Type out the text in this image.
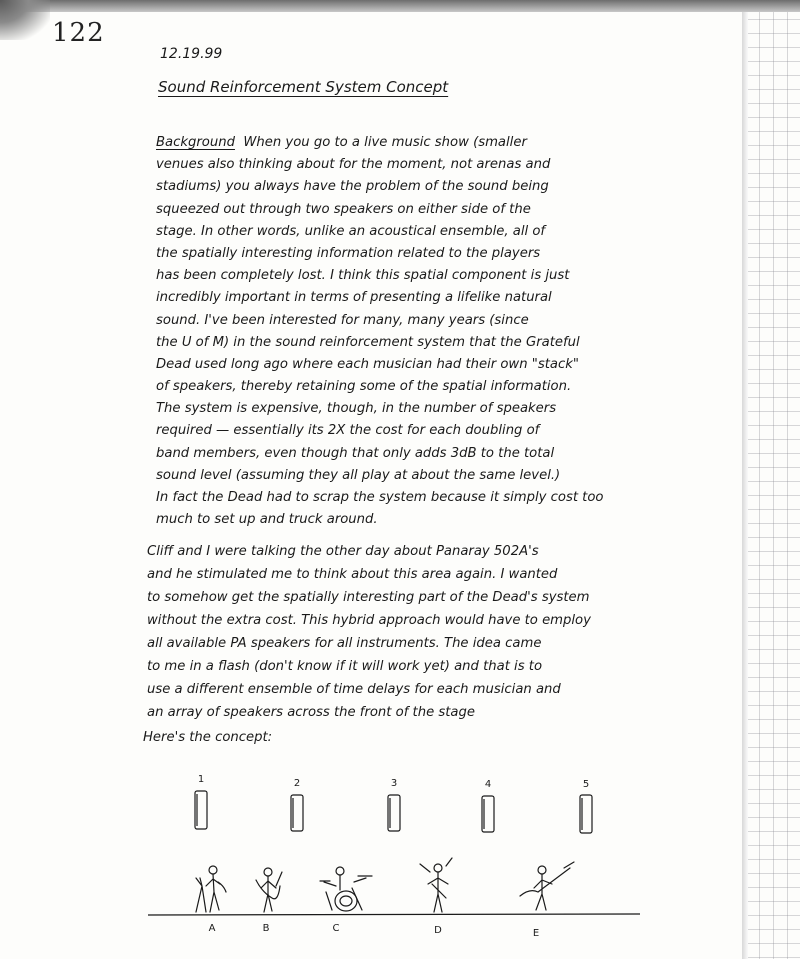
122

12.19.99

Sound Reinforcement System Concept

Background When you go to a live music show (smaller
venues also thinking about for the moment, not arenas and
stadiums) you always have the problem of the sound being
squeezed out through two speakers on either side of the
stage. In other words, unlike an acoustical ensemble, all of
the spatially interesting information related to the players
has been completely lost. I think this spatial component is just
incredibly important in terms of presenting a lifelike natural
sound. I've been interested for many, many years (since
the U of M) in the sound reinforcement system that the Grateful
Dead used long ago where each musician had their own "stack"
of speakers, thereby retaining some of the spatial information.
The system is expensive, though, in the number of speakers
required — essentially its 2X the cost for each doubling of
band members, even though that only adds 3dB to the total
sound level (assuming they all play at about the same level.)
In fact the Dead had to scrap the system because it simply cost too
much to set up and truck around.
Cliff and I were talking the other day about Panaray 502A's
and he stimulated me to think about this area again. I wanted
to somehow get the spatially interesting part of the Dead's system
without the extra cost. This hybrid approach would have to employ
all available PA speakers for all instruments. The idea came
to me in a flash (don't know if it will work yet) and that is to
use a different ensemble of time delays for each musician and
an array of speakers across the front of the stage

Here's the concept:

1	2	3	4	5
A	B	C	D	E
